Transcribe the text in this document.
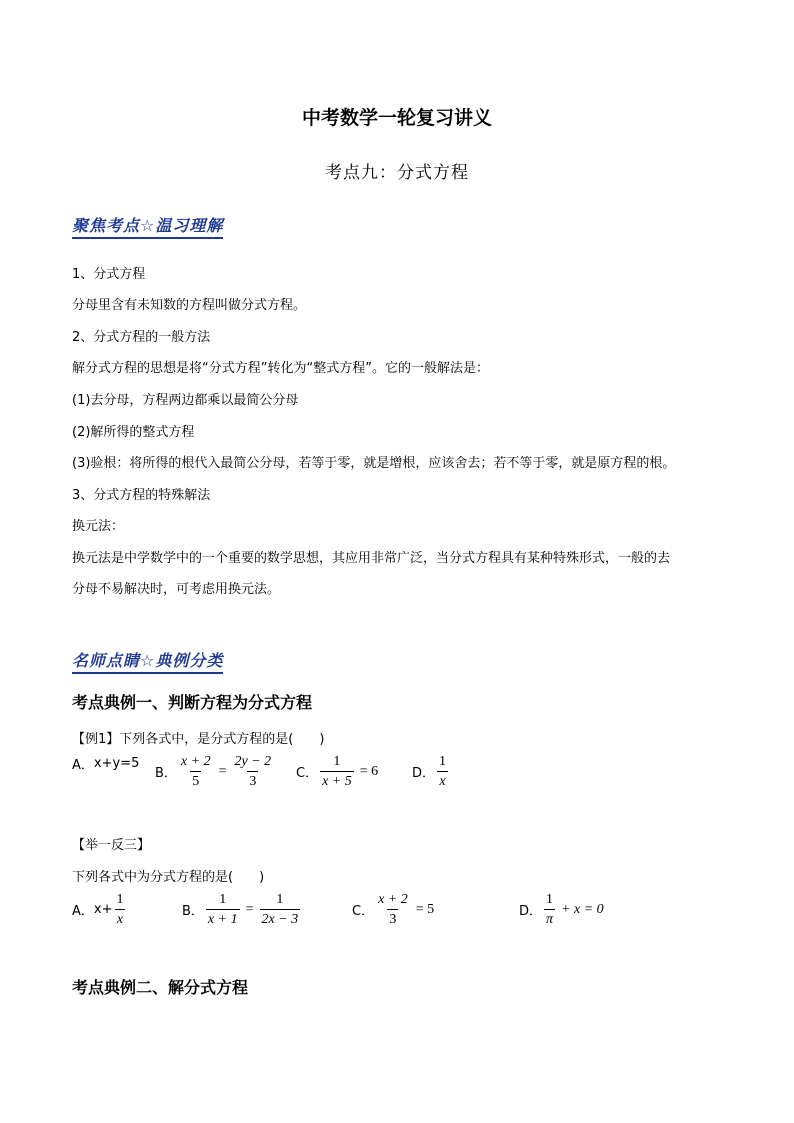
中考数学一轮复习讲义
考点九：分式方程
聚焦考点☆温习理解
1、分式方程
分母里含有未知数的方程叫做分式方程。
2、分式方程的一般方法
解分式方程的思想是将“分式方程”转化为“整式方程”。它的一般解法是：
(1)去分母，方程两边都乘以最简公分母
(2)解所得的整式方程
(3)验根：将所得的根代入最简公分母，若等于零，就是增根，应该舍去；若不等于零，就是原方程的根。
3、分式方程的特殊解法
换元法：
换元法是中学数学中的一个重要的数学思想，其应用非常广泛，当分式方程具有某种特殊形式，一般的去
分母不易解决时，可考虑用换元法。
名师点睛☆典例分类
考点典例一、判断方程为分式方程
【例1】下列各式中，是分式方程的是(　　)
A． x+y=5
B． $\frac{x + 2}{5} = \frac{2y - 2}{3}$ C． $\frac{1}{x + 5} = 6$	D． $\frac{1}{x}$
【举一反三】
下列各式中为分式方程的是(　　)
A． $x+ \frac{1}{x}$	B． $\frac{1}{x + 1} = \frac{1}{2x - 3}$	C． $\frac{x + 2}{3} = 5$	D． $\frac{1}{\pi} + x = 0$
考点典例二、解分式方程
